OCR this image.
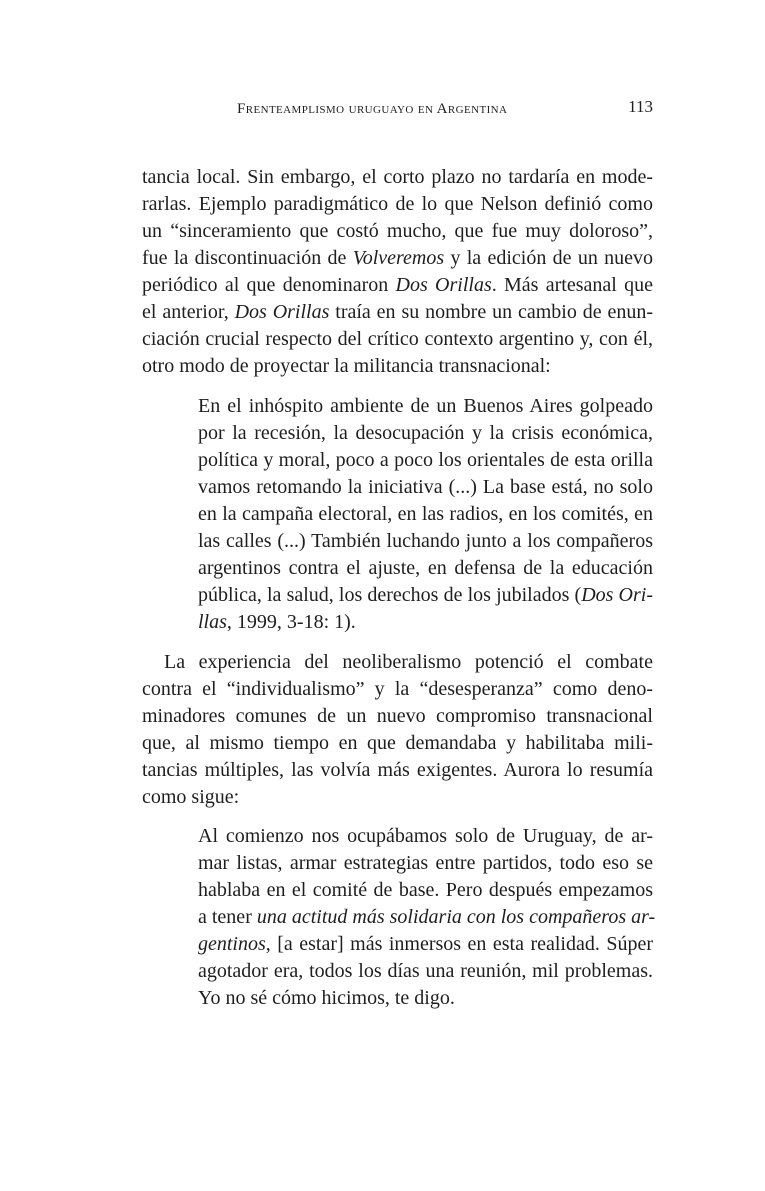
Frenteamplismo uruguayo en Argentina	113

tancia local. Sin embargo, el corto plazo no tardaría en mode-
rarlas. Ejemplo paradigmático de lo que Nelson definió como
un “sinceramiento que costó mucho, que fue muy doloroso”,
fue la discontinuación de Volveremos y la edición de un nuevo
periódico al que denominaron Dos Orillas. Más artesanal que
el anterior, Dos Orillas traía en su nombre un cambio de enun-
ciación crucial respecto del crítico contexto argentino y, con él,
otro modo de proyectar la militancia transnacional:

En el inhóspito ambiente de un Buenos Aires golpeado
por la recesión, la desocupación y la crisis económica,
política y moral, poco a poco los orientales de esta orilla
vamos retomando la iniciativa (...) La base está, no solo
en la campaña electoral, en las radios, en los comités, en
las calles (...) También luchando junto a los compañeros
argentinos contra el ajuste, en defensa de la educación
pública, la salud, los derechos de los jubilados (Dos Ori-
llas, 1999, 3-18: 1).

La experiencia del neoliberalismo potenció el combate
contra el “individualismo” y la “desesperanza” como deno-
minadores comunes de un nuevo compromiso transnacional
que, al mismo tiempo en que demandaba y habilitaba mili-
tancias múltiples, las volvía más exigentes. Aurora lo resumía
como sigue:

Al comienzo nos ocupábamos solo de Uruguay, de ar-
mar listas, armar estrategias entre partidos, todo eso se
hablaba en el comité de base. Pero después empezamos
a tener una actitud más solidaria con los compañeros ar-
gentinos, [a estar] más inmersos en esta realidad. Súper
agotador era, todos los días una reunión, mil problemas.
Yo no sé cómo hicimos, te digo.
